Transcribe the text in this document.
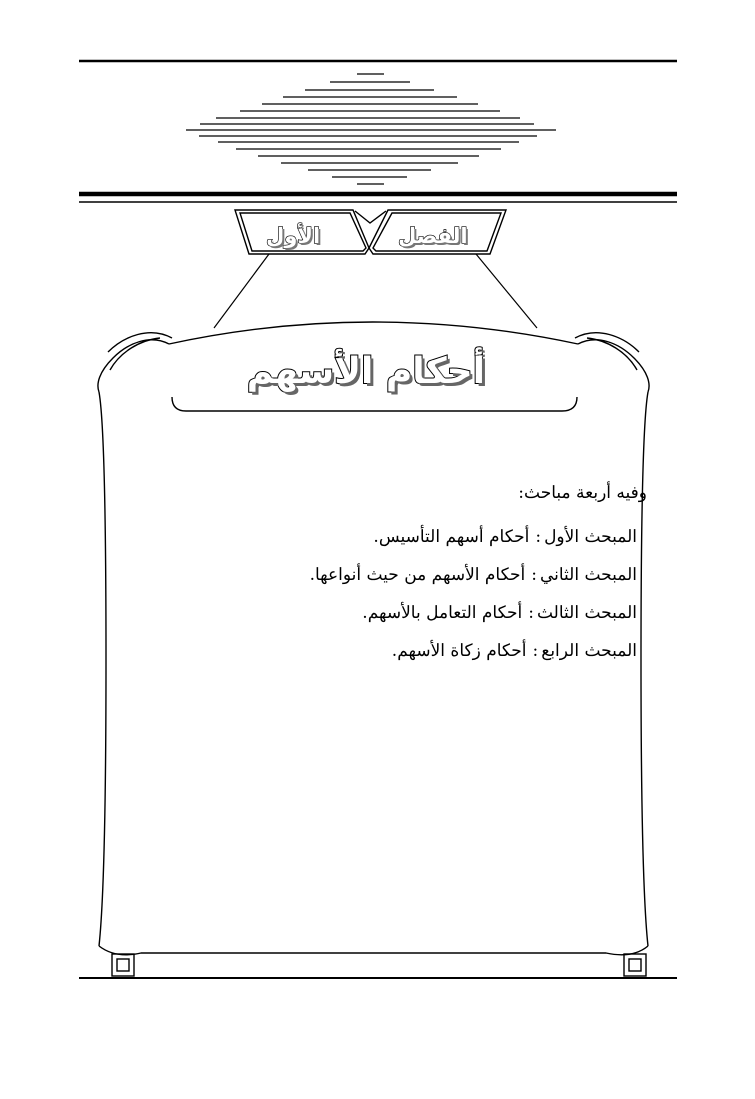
الفصل
الأول
أحكام الأسهم
وفيه أربعة مباحث:
المبحث الأول:أحكام أسهم التأسيس.
المبحث الثاني:أحكام الأسهم من حيث أنواعها.
المبحث الثالث:أحكام التعامل بالأسهم.
المبحث الرابع:أحكام زكاة الأسهم.
